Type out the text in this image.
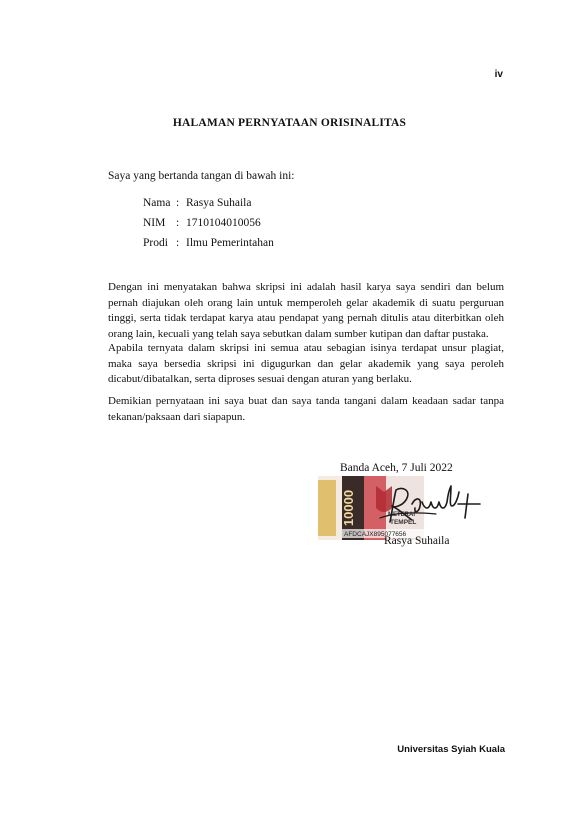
iv
HALAMAN PERNYATAAN ORISINALITAS
Saya yang bertanda tangan di bawah ini:
Nama : Rasya Suhaila
NIM : 1710104010056
Prodi : Ilmu Pemerintahan
Dengan ini menyatakan bahwa skripsi ini adalah hasil karya saya sendiri dan belum pernah diajukan oleh orang lain untuk memperoleh gelar akademik di suatu perguruan tinggi, serta tidak terdapat karya atau pendapat yang pernah ditulis atau diterbitkan oleh orang lain, kecuali yang telah saya sebutkan dalam sumber kutipan dan daftar pustaka.
Apabila ternyata dalam skripsi ini semua atau sebagian isinya terdapat unsur plagiat, maka saya bersedia skripsi ini digugurkan dan gelar akademik yang saya peroleh dicabut/dibatalkan, serta diproses sesuai dengan aturan yang berlaku.
Demikian pernyataan ini saya buat dan saya tanda tangani dalam keadaan sadar tanpa tekanan/paksaan dari siapapun.
Banda Aceh, 7 Juli 2022
10000	METERAI
TEMPEL
AFDCAJX895077656
Rasya Suhaila
Universitas Syiah Kuala
